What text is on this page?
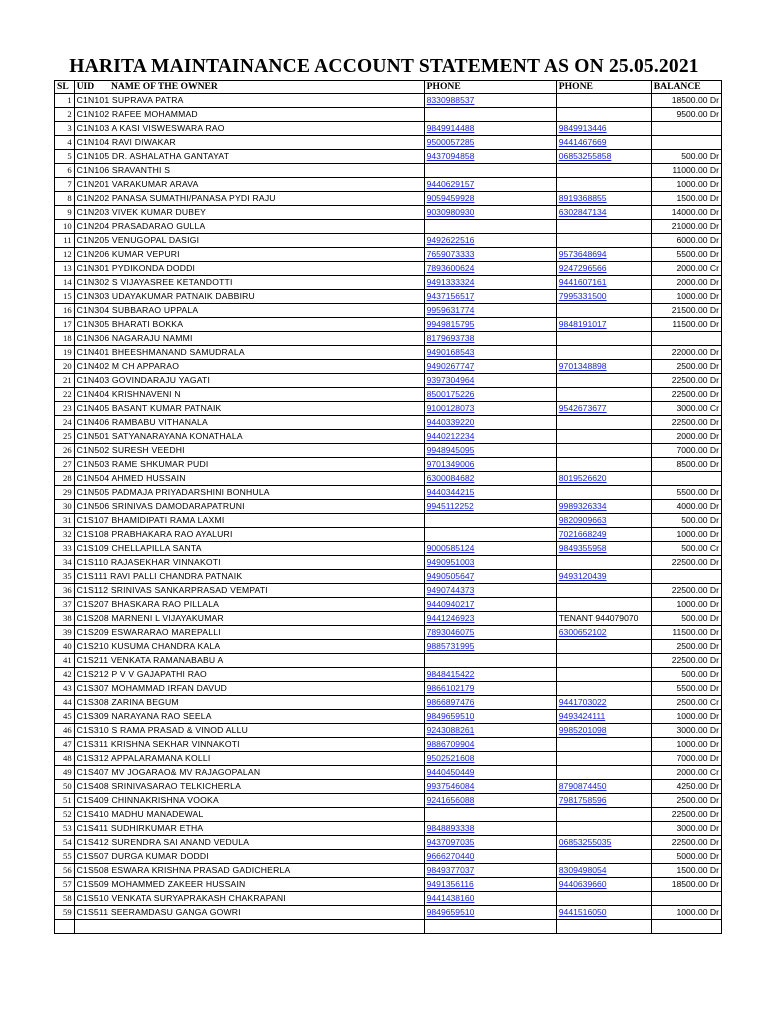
HARITA MAINTAINANCE ACCOUNT STATEMENT AS ON 25.05.2021
SL	UID       NAME OF THE OWNER	PHONE	PHONE	BALANCE
1	C1N101 SUPRAVA PATRA	8330988537		18500.00 Dr
2	C1N102 RAFEE MOHAMMAD			9500.00 Dr
3	C1N103 A KASI VISWESWARA RAO	9849914488	9849913446	
4	C1N104 RAVI DIWAKAR	9500057285	9441467669	
5	C1N105 DR. ASHALATHA GANTAYAT	9437094858	06853255858	500.00 Dr
6	C1N106 SRAVANTHI S			11000.00 Dr
7	C1N201 VARAKUMAR ARAVA	9440629157		1000.00 Dr
8	C1N202 PANASA SUMATHI/PANASA PYDI RAJU	9059459928	8919368855	1500.00 Dr
9	C1N203 VIVEK KUMAR DUBEY	9030980930	6302847134	14000.00 Dr
10	C1N204 PRASADARAO GULLA			21000.00 Dr
11	C1N205 VENUGOPAL DASIGI	9492622516		6000.00 Dr
12	C1N206 KUMAR VEPURI	7659073333	9573648694	5500.00 Dr
13	C1N301 PYDIKONDA DODDI	7893600624	9247296566	2000.00 Cr
14	C1N302 S VIJAYASREE KETANDOTTI	9491333324	9441607161	2000.00 Dr
15	C1N303 UDAYAKUMAR PATNAIK DABBIRU	9437156517	7995331500	1000.00 Dr
16	C1N304 SUBBARAO UPPALA	9959631774		21500.00 Dr
17	C1N305 BHARATI BOKKA	9949815795	9848191017	11500.00 Dr
18	C1N306 NAGARAJU NAMMI	8179693738		
19	C1N401 BHEESHMANAND SAMUDRALA	9490168543		22000.00 Dr
20	C1N402 M CH APPARAO	9490267747	9701348898	2500.00 Dr
21	C1N403 GOVINDARAJU YAGATI	9397304964		22500.00 Dr
22	C1N404 KRISHNAVENI N	8500175226		22500.00 Dr
23	C1N405 BASANT KUMAR PATNAIK	9100128073	9542673677	3000.00 Cr
24	C1N406 RAMBABU VITHANALA	9440339220		22500.00 Dr
25	C1N501 SATYANARAYANA KONATHALA	9440212234		2000.00 Dr
26	C1N502 SURESH VEEDHI	9948945095		7000.00 Dr
27	C1N503 RAME SHKUMAR PUDI	9701349006		8500.00 Dr
28	C1N504 AHMED HUSSAIN	6300084682	8019526620	
29	C1N505 PADMAJA PRIYADARSHINI BONHULA	9440344215		5500.00 Dr
30	C1N506 SRINIVAS DAMODARAPATRUNI	9945112252	9989326334	4000.00 Dr
31	C1S107 BHAMIDIPATI RAMA LAXMI		9820909663	500.00 Dr
32	C1S108 PRABHAKARA RAO AYALURI		7021668249	1000.00 Dr
33	C1S109 CHELLAPILLA SANTA	9000585124	9849355958	500.00 Cr
34	C1S110 RAJASEKHAR VINNAKOTI	9490951003		22500.00 Dr
35	C1S111 RAVI PALLI CHANDRA PATNAIK	9490505647	9493120439	
36	C1S112 SRINIVAS SANKARPRASAD VEMPATI	9490744373		22500.00 Dr
37	C1S207 BHASKARA RAO PILLALA	9440940217		1000.00 Dr
38	C1S208 MARNENI L VIJAYAKUMAR	9441246923	TENANT 944079070	500.00 Dr
39	C1S209 ESWARARAO MAREPALLI	7893046075	6300652102	11500.00 Dr
40	C1S210 KUSUMA CHANDRA KALA	9885731995		2500.00 Dr
41	C1S211 VENKATA RAMANABABU A			22500.00 Dr
42	C1S212 P V V GAJAPATHI RAO	9848415422		500.00 Dr
43	C1S307 MOHAMMAD IRFAN DAVUD	9866102179		5500.00 Dr
44	C1S308 ZARINA BEGUM	9866897476	9441703022	2500.00 Cr
45	C1S309 NARAYANA RAO SEELA	9849659510	9493424111	1000.00 Dr
46	C1S310 S RAMA PRASAD & VINOD ALLU	9243088261	9985201098	3000.00 Dr
47	C1S311 KRISHNA SEKHAR VINNAKOTI	9886709904		1000.00 Dr
48	C1S312 APPALARAMANA KOLLI	9502521608		7000.00 Dr
49	C1S407 MV JOGARAO& MV RAJAGOPALAN	9440450449		2000.00 Cr
50	C1S408 SRINIVASARAO TELKICHERLA	9937546084	8790874450	4250.00 Dr
51	C1S409 CHINNAKRISHNA VOOKA	9241656088	7981758596	2500.00 Dr
52	C1S410 MADHU MANADEWAL			22500.00 Dr
53	C1S411 SUDHIRKUMAR ETHA	9848893338		3000.00 Dr
54	C1S412 SURENDRA SAI ANAND VEDULA	9437097035	06853255035	22500.00 Dr
55	C1S507 DURGA KUMAR DODDI	9666270440		5000.00 Dr
56	C1S508 ESWARA KRISHNA PRASAD GADICHERLA	9849377037	8309498054	1500.00 Dr
57	C1S509 MOHAMMED ZAKEER HUSSAIN	9491356116	9440639660	18500.00 Dr
58	C1S510 VENKATA SURYAPRAKASH CHAKRAPANI	9441438160		
59	C1S511 SEERAMDASU GANGA GOWRI	9849659510	9441516050	1000.00 Dr
